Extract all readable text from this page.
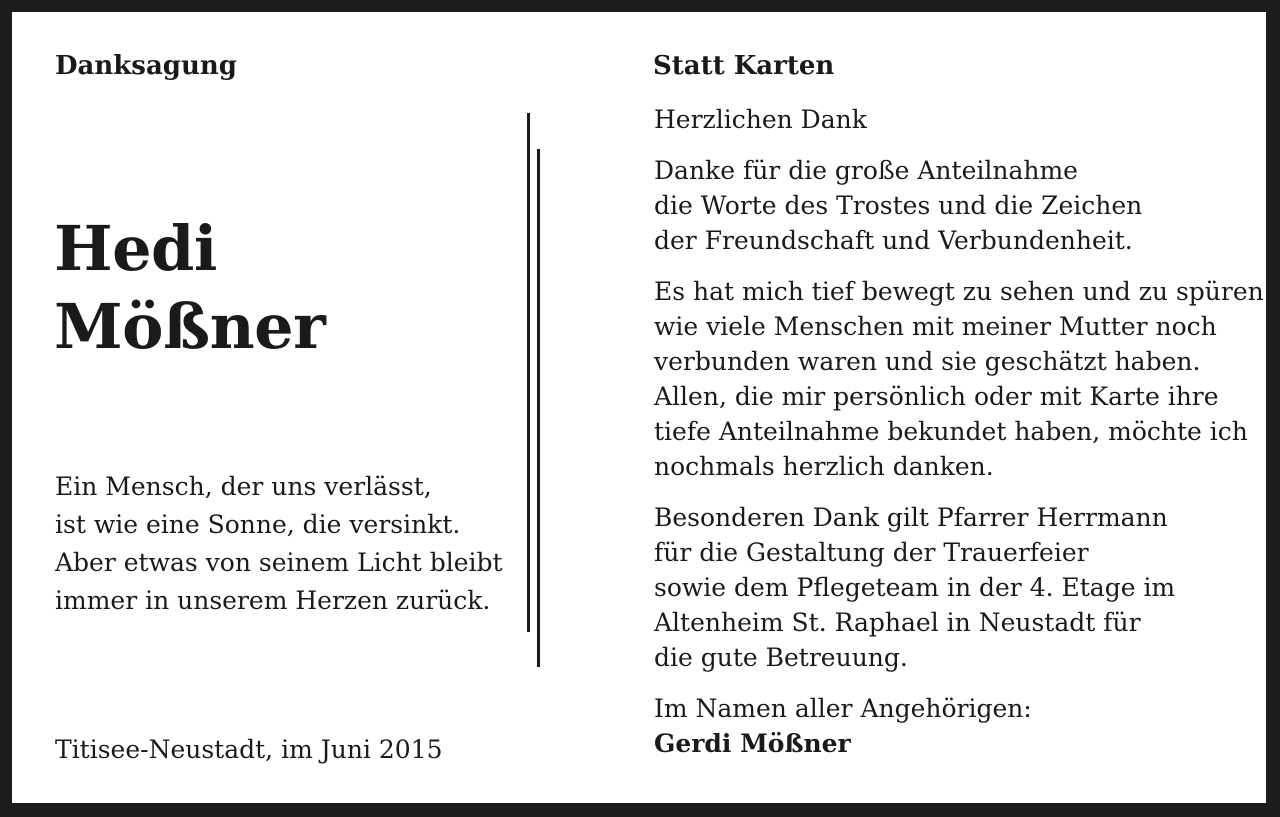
Danksagung
Hedi
Mößner
Ein Mensch, der uns verlässt,
ist wie eine Sonne, die versinkt.
Aber etwas von seinem Licht bleibt
immer in unserem Herzen zurück.
Titisee-Neustadt, im Juni 2015
Statt Karten
Herzlichen Dank
Danke für die große Anteilnahme
die Worte des Trostes und die Zeichen
der Freundschaft und Verbundenheit.
Es hat mich tief bewegt zu sehen und zu spüren
wie viele Menschen mit meiner Mutter noch
verbunden waren und sie geschätzt haben.
Allen, die mir persönlich oder mit Karte ihre
tiefe Anteilnahme bekundet haben, möchte ich
nochmals herzlich danken.
Besonderen Dank gilt Pfarrer Herrmann
für die Gestaltung der Trauerfeier
sowie dem Pflegeteam in der 4. Etage im
Altenheim St. Raphael in Neustadt für
die gute Betreuung.
Im Namen aller Angehörigen:
Gerdi Mößner
